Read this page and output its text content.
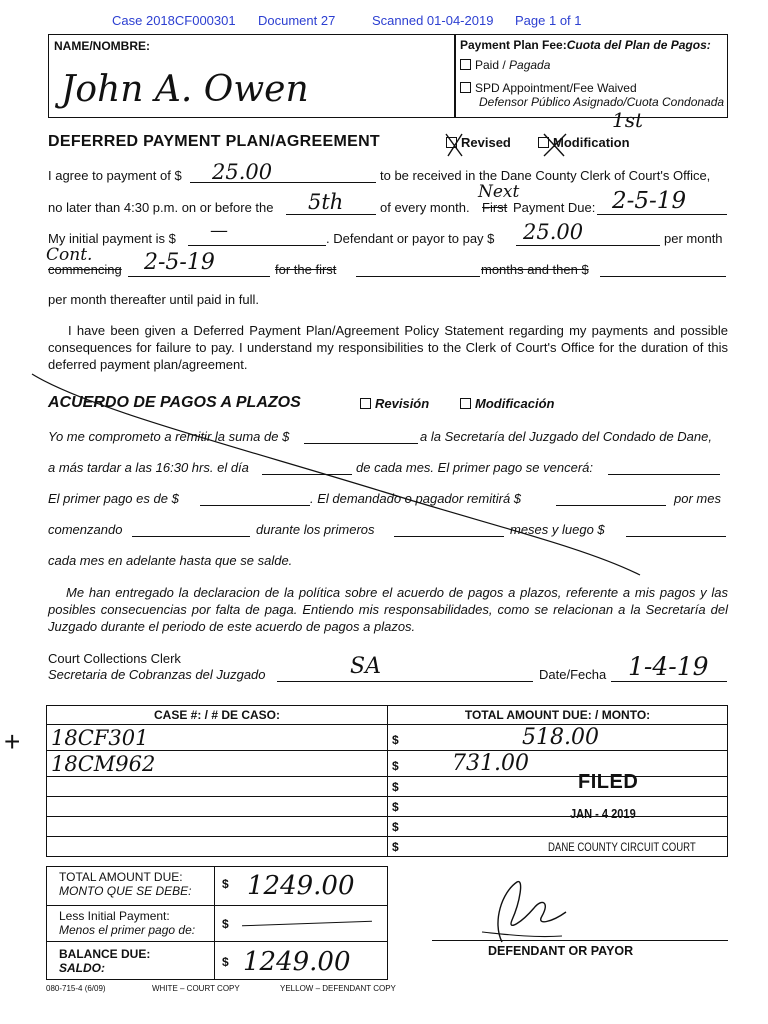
Case 2018CF000301 Document 27	Scanned 01-04-2019 Page 1 of 1
NAME/NOMBRE:
John A. Owen
Payment Plan Fee:Cuota del Plan de Pagos:
Paid / Pagada
SPD Appointment/Fee Waived
Defensor Público Asignado/Cuota Condonada
DEFERRED PAYMENT PLAN/AGREEMENT	Revised	Modification
1st
I agree to payment of $ 25.00	to be received in the Dane County Clerk of Court's Office,
no later than 4:30 p.m. on or before the 5th	of every month. First
Next
Payment Due: 2-5-19
My initial payment is $ —	. Defendant or payor to pay $ 25.00	per month
Cont.
commencing 2-5-19	for the first	months and then $
per month thereafter until paid in full.
I have been given a Deferred Payment Plan/Agreement Policy Statement regarding my payments and possible consequences for failure to pay. I understand my responsibilities to the Clerk of Court's Office for the duration of this deferred payment plan/agreement.
ACUERDO DE PAGOS A PLAZOS	Revisión	Modificación
Yo me comprometo a remitir la suma de $	a la Secretaría del Juzgado del Condado de Dane,
a más tardar a las 16:30 hrs. el día	de cada mes. El primer pago se vencerá:
El primer pago es de $	. El demandado o pagador remitirá $	por mes
comenzando	durante los primeros	meses y luego $
cada mes en adelante hasta que se salde.
Me han entregado la declaracion de la política sobre el acuerdo de pagos a plazos, referente a mis pagos y las posibles consecuencias por falta de paga. Entiendo mis responsabilidades, como se relacionan a la Secretaría del Juzgado durante el periodo de este acuerdo de pagos a plazos.
Court Collections Clerk
Secretaria de Cobranzas del Juzgado	SA	Date/Fecha 1-4-19
+
CASE #: / # DE CASO:	TOTAL AMOUNT DUE: / MONTO:
18CF301	$ 518.00
18CM962	$ 731.00
	$
	$
	$
	$
FILED
JAN - 4 2019
DANE COUNTY CIRCUIT COURT
TOTAL AMOUNT DUE:
MONTO QUE SE DEBE:	$ 1249.00
Less Initial Payment:
Menos el primer pago de: $
BALANCE DUE:
SALDO:	$ 1249.00	DEFENDANT OR PAYOR
080-715-4 (6/09)	WHITE – COURT COPY	YELLOW – DEFENDANT COPY
